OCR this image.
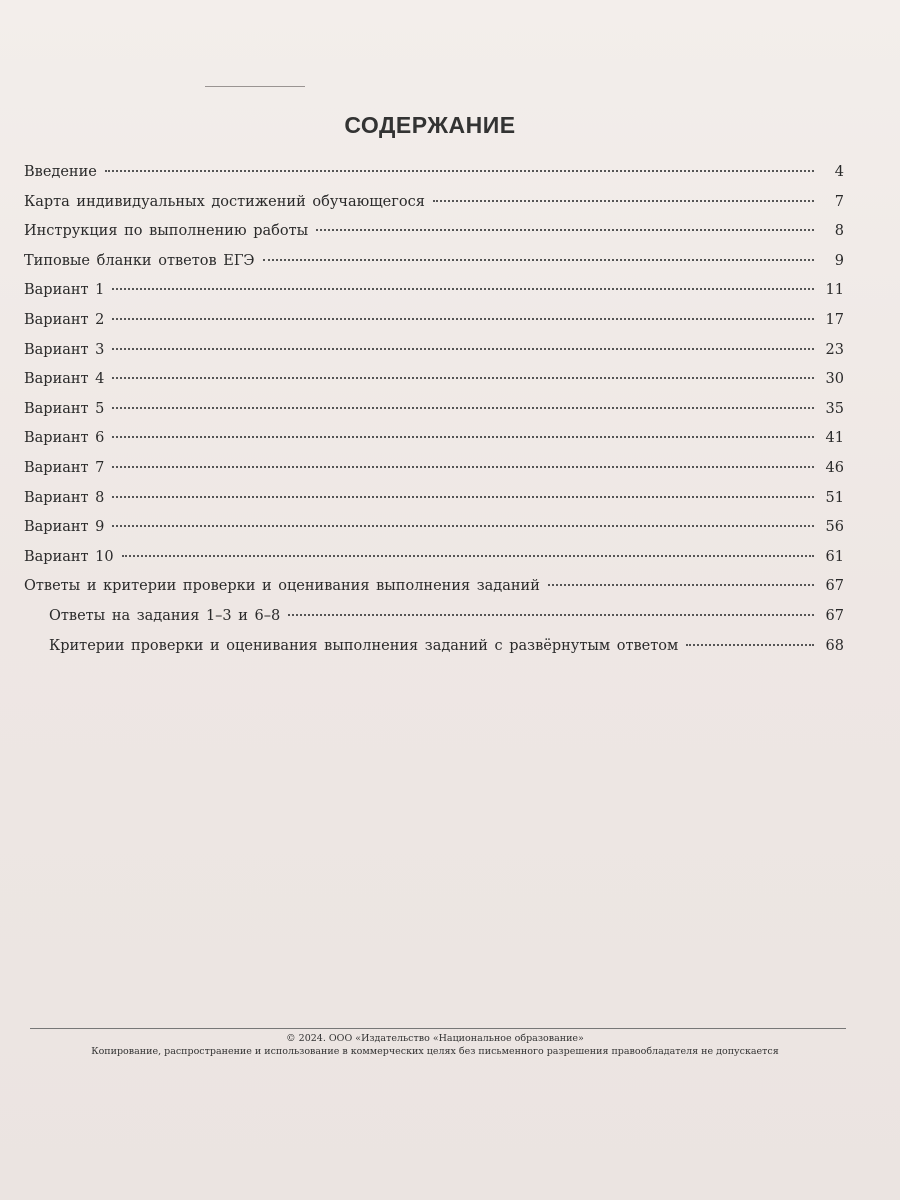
СОДЕРЖАНИЕ
Введение	4
Карта индивидуальных достижений обучающегося	7
Инструкция по выполнению работы	8
Типовые бланки ответов ЕГЭ	9
Вариант 1	11
Вариант 2	17
Вариант 3	23
Вариант 4	30
Вариант 5	35
Вариант 6	41
Вариант 7	46
Вариант 8	51
Вариант 9	56
Вариант 10	61
Ответы и критерии проверки и оценивания выполнения заданий	67
Ответы на задания 1–3 и 6–8	67
Критерии проверки и оценивания выполнения заданий с развёрнутым ответом	68
© 2024. ООО «Издательство «Национальное образование»
Копирование, распространение и использование в коммерческих целях без письменного разрешения правообладателя не допускается
